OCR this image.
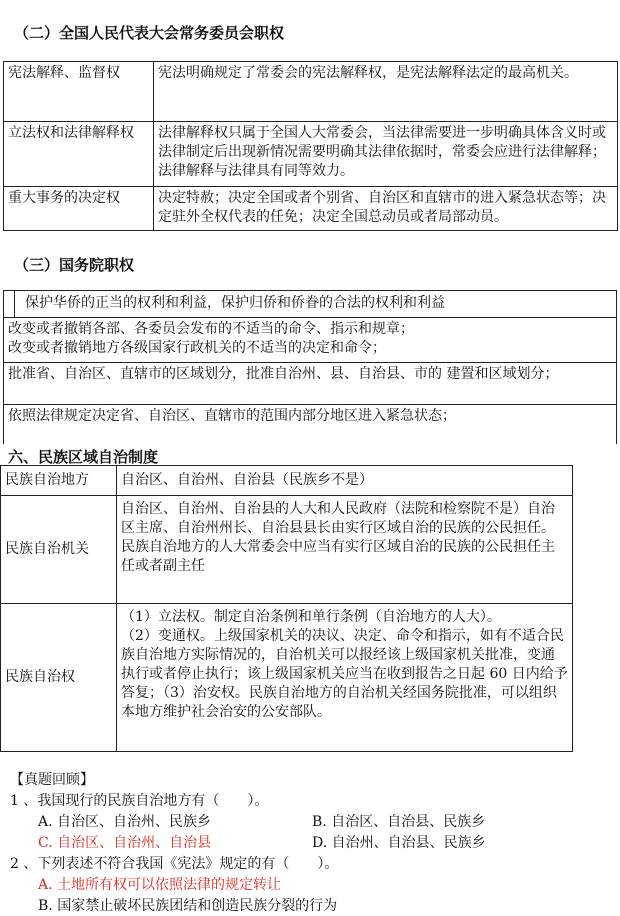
（二）全国人民代表大会常务委员会职权
宪法解释、监督权	宪法明确规定了常委会的宪法解释权，是宪法解释法定的最高机关。
立法权和法律解释权	法律解释权只属于全国人大常委会，当法律需要进一步明确具体含义时或法律制定后出现新情况需要明确其法律依据时，常委会应进行法律解释；法律解释与法律具有同等效力。
重大事务的决定权	决定特赦；决定全国或者个别省、自治区和直辖市的进入紧急状态等；决定驻外全权代表的任免；决定全国总动员或者局部动员。
（三）国务院职权
保护华侨的正当的权利和利益，保护归侨和侨眷的合法的权利和利益
改变或者撤销各部、各委员会发布的不适当的命令、指示和规章；
改变或者撤销地方各级国家行政机关的不适当的决定和命令；
批准省、自治区、直辖市的区域划分，批准自治州、县、自治县、市的 建置和区域划分；
依照法律规定决定省、自治区、直辖市的范围内部分地区进入紧急状态；
六、民族区域自治制度
民族自治地方	自治区、自治州、自治县（民族乡不是）
民族自治机关	自治区、自治州、自治县的人大和人民政府（法院和检察院不是）自治区主席、自治州州长、自治县县长由实行区域自治的民族的公民担任。
民族自治地方的人大常委会中应当有实行区域自治的民族的公民担任主任或者副主任
民族自治权	（1）立法权。制定自治条例和单行条例（自治地方的人大）。
（2）变通权。上级国家机关的决议、决定、命令和指示，如有不适合民族自治地方实际情况的，自治机关可以报经该上级国家机关批准，变通执行或者停止执行；该上级国家机关应当在收到报告之日起 60 日内给予答复；（3）治安权。民族自治地方的自治机关经国务院批准，可以组织本地方维护社会治安的公安部队。
【真题回顾】
1 、我国现行的民族自治地方有（　　）。
A. 自治区、自治州、民族乡	B. 自治区、自治县、民族乡
C. 自治区、自治州、自治县	D. 自治州、自治县、民族乡
2 、下列表述不符合我国《宪法》规定的有（　　）。
A. 土地所有权可以依照法律的规定转让
B. 国家禁止破坏民族团结和创造民族分裂的行为
